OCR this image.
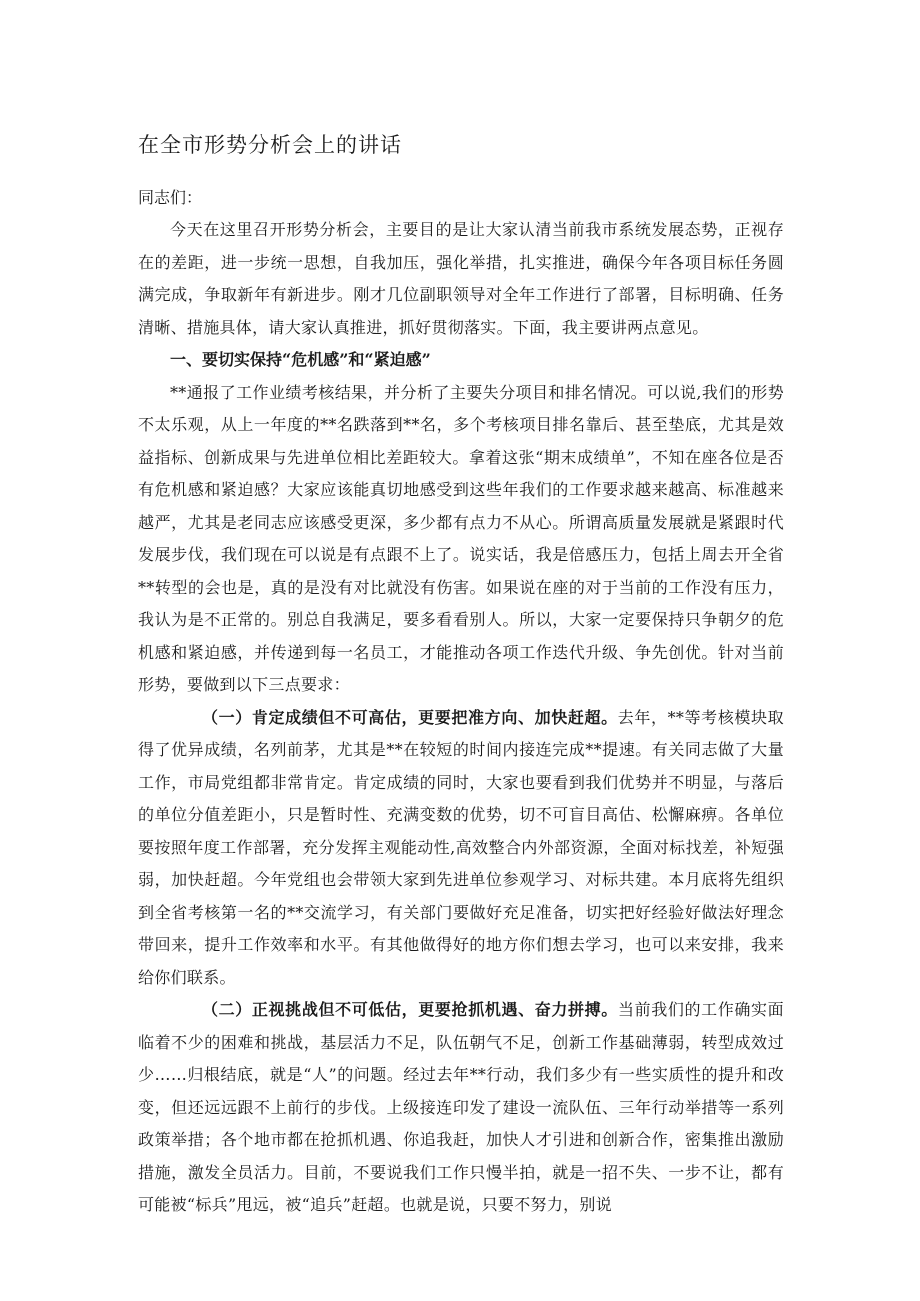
在全市形势分析会上的讲话

同志们：

今天在这里召开形势分析会，主要目的是让大家认清当前我市系统发展态势，正视存在的差距，进一步统一思想，自我加压，强化举措，扎实推进，确保今年各项目标任务圆满完成，争取新年有新进步。刚才几位副职领导对全年工作进行了部署，目标明确、任务清晰、措施具体，请大家认真推进，抓好贯彻落实。下面，我主要讲两点意见。

一、要切实保持“危机感”和“紧迫感”

**通报了工作业绩考核结果，并分析了主要失分项目和排名情况。可以说,我们的形势不太乐观，从上一年度的**名跌落到**名，多个考核项目排名靠后、甚至垫底，尤其是效益指标、创新成果与先进单位相比差距较大。拿着这张“期末成绩单”，不知在座各位是否有危机感和紧迫感？大家应该能真切地感受到这些年我们的工作要求越来越高、标准越来越严，尤其是老同志应该感受更深，多少都有点力不从心。所谓高质量发展就是紧跟时代发展步伐，我们现在可以说是有点跟不上了。说实话，我是倍感压力，包括上周去开全省**转型的会也是，真的是没有对比就没有伤害。如果说在座的对于当前的工作没有压力，我认为是不正常的。别总自我满足，要多看看别人。所以，大家一定要保持只争朝夕的危机感和紧迫感，并传递到每一名员工，才能推动各项工作迭代升级、争先创优。针对当前形势，要做到以下三点要求：

（一）肯定成绩但不可高估，更要把准方向、加快赶超。去年，**等考核模块取得了优异成绩，名列前茅，尤其是**在较短的时间内接连完成**提速。有关同志做了大量工作，市局党组都非常肯定。肯定成绩的同时，大家也要看到我们优势并不明显，与落后的单位分值差距小，只是暂时性、充满变数的优势，切不可盲目高估、松懈麻痹。各单位要按照年度工作部署，充分发挥主观能动性,高效整合内外部资源，全面对标找差，补短强弱，加快赶超。今年党组也会带领大家到先进单位参观学习、对标共建。本月底将先组织到全省考核第一名的**交流学习，有关部门要做好充足准备，切实把好经验好做法好理念带回来，提升工作效率和水平。有其他做得好的地方你们想去学习，也可以来安排，我来给你们联系。

（二）正视挑战但不可低估，更要抢抓机遇、奋力拼搏。当前我们的工作确实面临着不少的困难和挑战，基层活力不足，队伍朝气不足，创新工作基础薄弱，转型成效过少……归根结底，就是“人”的问题。经过去年**行动，我们多少有一些实质性的提升和改变，但还远远跟不上前行的步伐。上级接连印发了建设一流队伍、三年行动举措等一系列政策举措；各个地市都在抢抓机遇、你追我赶，加快人才引进和创新合作，密集推出激励措施，激发全员活力。目前，不要说我们工作只慢半拍，就是一招不失、一步不让，都有可能被“标兵”甩远，被“追兵”赶超。也就是说，只要不努力，别说
